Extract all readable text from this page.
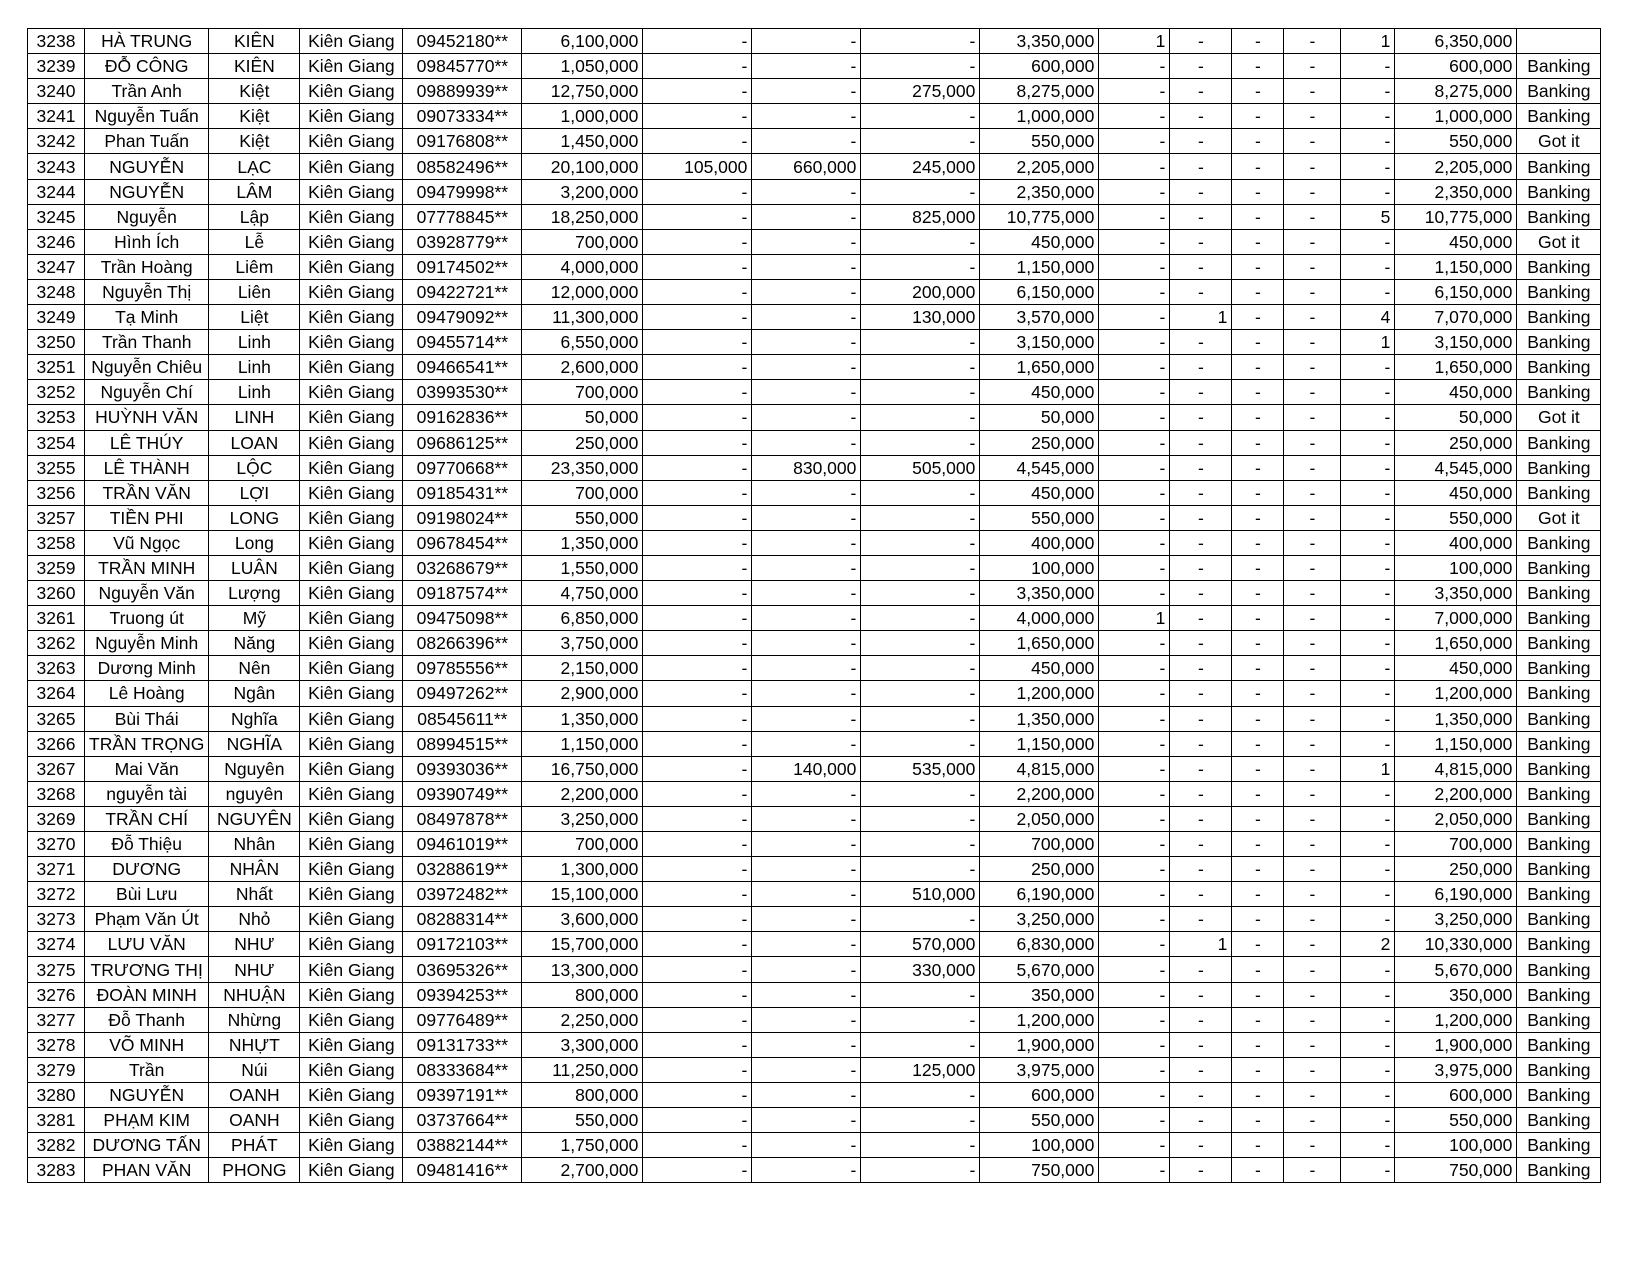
3238	HÀ TRUNG	KIÊN	Kiên Giang	09452180**	6,100,000	-	-	-	3,350,000	1	-	-	-	1	6,350,000	
3239	ĐỖ CÔNG	KIÊN	Kiên Giang	09845770**	1,050,000	-	-	-	600,000	-	-	-	-	-	600,000	Banking
3240	Trần Anh	Kiệt	Kiên Giang	09889939**	12,750,000	-	-	275,000	8,275,000	-	-	-	-	-	8,275,000	Banking
3241	Nguyễn Tuấn	Kiệt	Kiên Giang	09073334**	1,000,000	-	-	-	1,000,000	-	-	-	-	-	1,000,000	Banking
3242	Phan Tuấn	Kiệt	Kiên Giang	09176808**	1,450,000	-	-	-	550,000	-	-	-	-	-	550,000	Got it
3243	NGUYỄN	LẠC	Kiên Giang	08582496**	20,100,000	105,000	660,000	245,000	2,205,000	-	-	-	-	-	2,205,000	Banking
3244	NGUYỄN	LÂM	Kiên Giang	09479998**	3,200,000	-	-	-	2,350,000	-	-	-	-	-	2,350,000	Banking
3245	Nguyễn	Lập	Kiên Giang	07778845**	18,250,000	-	-	825,000	10,775,000	-	-	-	-	5	10,775,000	Banking
3246	Hình Ích	Lễ	Kiên Giang	03928779**	700,000	-	-	-	450,000	-	-	-	-	-	450,000	Got it
3247	Trần Hoàng	Liêm	Kiên Giang	09174502**	4,000,000	-	-	-	1,150,000	-	-	-	-	-	1,150,000	Banking
3248	Nguyễn Thị	Liên	Kiên Giang	09422721**	12,000,000	-	-	200,000	6,150,000	-	-	-	-	-	6,150,000	Banking
3249	Tạ Minh	Liệt	Kiên Giang	09479092**	11,300,000	-	-	130,000	3,570,000	-	1	-	-	4	7,070,000	Banking
3250	Trần Thanh	Linh	Kiên Giang	09455714**	6,550,000	-	-	-	3,150,000	-	-	-	-	1	3,150,000	Banking
3251	Nguyễn Chiêu	Linh	Kiên Giang	09466541**	2,600,000	-	-	-	1,650,000	-	-	-	-	-	1,650,000	Banking
3252	Nguyễn Chí	Linh	Kiên Giang	03993530**	700,000	-	-	-	450,000	-	-	-	-	-	450,000	Banking
3253	HUỲNH VĂN	LINH	Kiên Giang	09162836**	50,000	-	-	-	50,000	-	-	-	-	-	50,000	Got it
3254	LÊ THÚY	LOAN	Kiên Giang	09686125**	250,000	-	-	-	250,000	-	-	-	-	-	250,000	Banking
3255	LÊ THÀNH	LỘC	Kiên Giang	09770668**	23,350,000	-	830,000	505,000	4,545,000	-	-	-	-	-	4,545,000	Banking
3256	TRẦN VĂN	LỢI	Kiên Giang	09185431**	700,000	-	-	-	450,000	-	-	-	-	-	450,000	Banking
3257	TIỀN PHI	LONG	Kiên Giang	09198024**	550,000	-	-	-	550,000	-	-	-	-	-	550,000	Got it
3258	Vũ Ngọc	Long	Kiên Giang	09678454**	1,350,000	-	-	-	400,000	-	-	-	-	-	400,000	Banking
3259	TRẦN MINH	LUÂN	Kiên Giang	03268679**	1,550,000	-	-	-	100,000	-	-	-	-	-	100,000	Banking
3260	Nguyễn Văn	Lượng	Kiên Giang	09187574**	4,750,000	-	-	-	3,350,000	-	-	-	-	-	3,350,000	Banking
3261	Truong út	Mỹ	Kiên Giang	09475098**	6,850,000	-	-	-	4,000,000	1	-	-	-	-	7,000,000	Banking
3262	Nguyễn Minh	Năng	Kiên Giang	08266396**	3,750,000	-	-	-	1,650,000	-	-	-	-	-	1,650,000	Banking
3263	Dương Minh	Nên	Kiên Giang	09785556**	2,150,000	-	-	-	450,000	-	-	-	-	-	450,000	Banking
3264	Lê Hoàng	Ngân	Kiên Giang	09497262**	2,900,000	-	-	-	1,200,000	-	-	-	-	-	1,200,000	Banking
3265	Bùi Thái	Nghĩa	Kiên Giang	08545611**	1,350,000	-	-	-	1,350,000	-	-	-	-	-	1,350,000	Banking
3266	TRẦN TRỌNG	NGHĨA	Kiên Giang	08994515**	1,150,000	-	-	-	1,150,000	-	-	-	-	-	1,150,000	Banking
3267	Mai Văn	Nguyên	Kiên Giang	09393036**	16,750,000	-	140,000	535,000	4,815,000	-	-	-	-	1	4,815,000	Banking
3268	nguyễn tài	nguyên	Kiên Giang	09390749**	2,200,000	-	-	-	2,200,000	-	-	-	-	-	2,200,000	Banking
3269	TRẦN CHÍ	NGUYÊN	Kiên Giang	08497878**	3,250,000	-	-	-	2,050,000	-	-	-	-	-	2,050,000	Banking
3270	Đỗ Thiệu	Nhân	Kiên Giang	09461019**	700,000	-	-	-	700,000	-	-	-	-	-	700,000	Banking
3271	DƯƠNG	NHÂN	Kiên Giang	03288619**	1,300,000	-	-	-	250,000	-	-	-	-	-	250,000	Banking
3272	Bùi Lưu	Nhất	Kiên Giang	03972482**	15,100,000	-	-	510,000	6,190,000	-	-	-	-	-	6,190,000	Banking
3273	Phạm Văn Út	Nhỏ	Kiên Giang	08288314**	3,600,000	-	-	-	3,250,000	-	-	-	-	-	3,250,000	Banking
3274	LƯU VĂN	NHƯ	Kiên Giang	09172103**	15,700,000	-	-	570,000	6,830,000	-	1	-	-	2	10,330,000	Banking
3275	TRƯƠNG THỊ	NHƯ	Kiên Giang	03695326**	13,300,000	-	-	330,000	5,670,000	-	-	-	-	-	5,670,000	Banking
3276	ĐOÀN MINH	NHUẬN	Kiên Giang	09394253**	800,000	-	-	-	350,000	-	-	-	-	-	350,000	Banking
3277	Đỗ Thanh	Nhừng	Kiên Giang	09776489**	2,250,000	-	-	-	1,200,000	-	-	-	-	-	1,200,000	Banking
3278	VÕ MINH	NHỰT	Kiên Giang	09131733**	3,300,000	-	-	-	1,900,000	-	-	-	-	-	1,900,000	Banking
3279	Trần	Núi	Kiên Giang	08333684**	11,250,000	-	-	125,000	3,975,000	-	-	-	-	-	3,975,000	Banking
3280	NGUYỄN	OANH	Kiên Giang	09397191**	800,000	-	-	-	600,000	-	-	-	-	-	600,000	Banking
3281	PHẠM KIM	OANH	Kiên Giang	03737664**	550,000	-	-	-	550,000	-	-	-	-	-	550,000	Banking
3282	DƯƠNG TẤN	PHÁT	Kiên Giang	03882144**	1,750,000	-	-	-	100,000	-	-	-	-	-	100,000	Banking
3283	PHAN VĂN	PHONG	Kiên Giang	09481416**	2,700,000	-	-	-	750,000	-	-	-	-	-	750,000	Banking
